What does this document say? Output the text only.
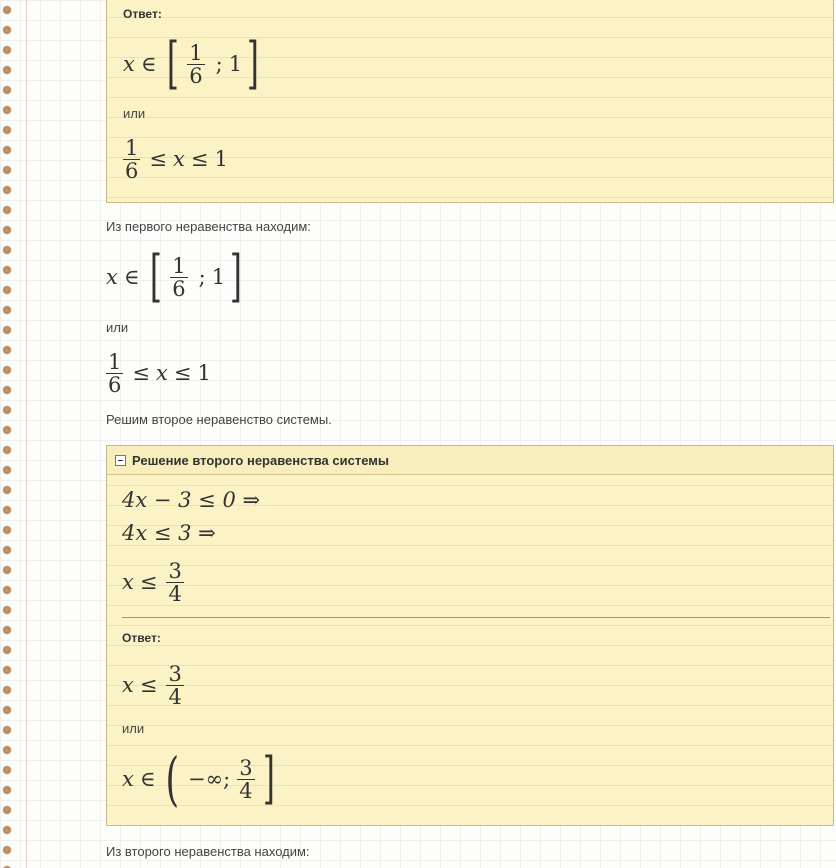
Ответ:
x ∈ [ $\frac{1}{6}$ ; 1 ]
или
$\frac{1}{6} \le x \le 1$
Из первого неравенства находим:
x ∈ [ $\frac{1}{6}$ ; 1 ]
или
$\frac{1}{6} \le x \le 1$
Решим второе неравенство системы.
Решение второго неравенства системы
4x − 3 ≤ 0 ⇒
4x ≤ 3 ⇒
$x \le \frac{3}{4}$
Ответ:
$x \le \frac{3}{4}$
или
x ∈ ( −∞; $\frac{3}{4}$ ]
Из второго неравенства находим:
